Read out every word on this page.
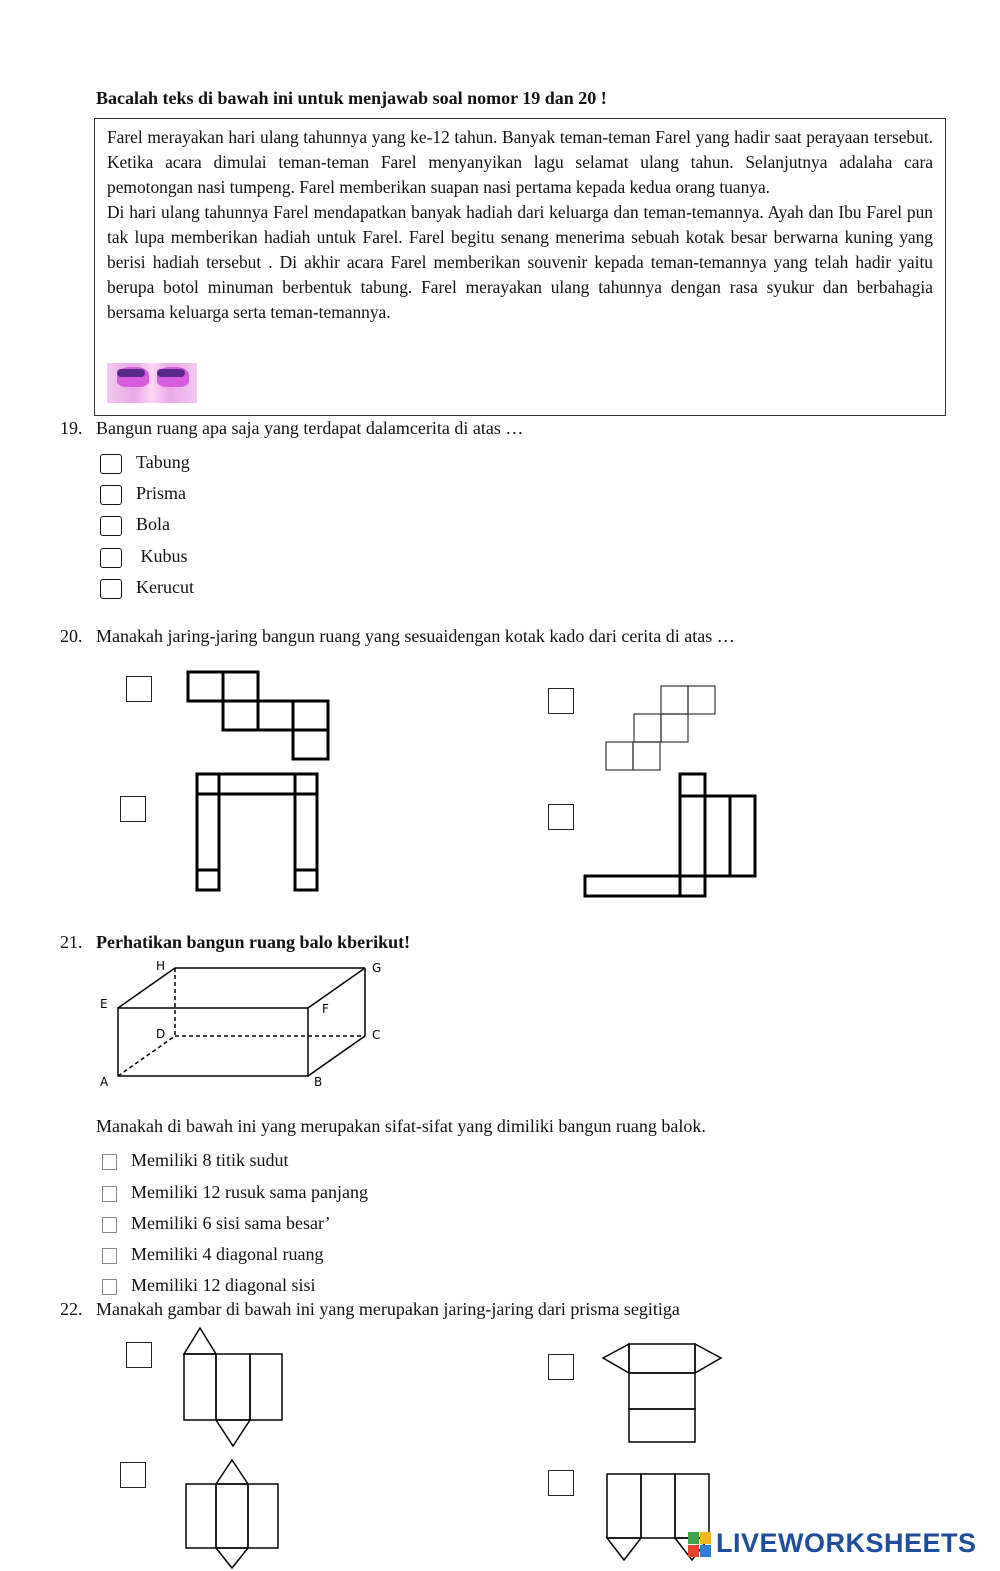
Bacalah teks di bawah ini untuk menjawab soal nomor 19 dan 20 !

Farel merayakan hari ulang tahunnya yang ke-12 tahun. Banyak teman-teman Farel yang hadir saat perayaan tersebut. Ketika acara dimulai teman-teman Farel menyanyikan lagu selamat ulang tahun. Selanjutnya adalaha cara pemotongan nasi tumpeng. Farel memberikan suapan nasi pertama kepada kedua orang tuanya.

Di hari ulang tahunnya Farel mendapatkan banyak hadiah dari keluarga dan teman-temannya. Ayah dan Ibu Farel pun tak lupa memberikan hadiah untuk Farel. Farel begitu senang menerima sebuah kotak besar berwarna kuning yang berisi hadiah tersebut . Di akhir acara Farel memberikan souvenir kepada teman-temannya yang telah hadir yaitu berupa botol minuman berbentuk tabung. Farel merayakan ulang tahunnya dengan rasa syukur dan berbahagia bersama keluarga serta teman-temannya.

19. Bangun ruang apa saja yang terdapat dalamcerita di atas …
Tabung
Prisma
Bola
Kubus
Kerucut
20. Manakah jaring-jaring bangun ruang yang sesuaidengan kotak kado dari cerita di atas …
21. Perhatikan bangun ruang balo kberikut!
H	G
E	F
D	C
A	B
Manakah di bawah ini yang merupakan sifat-sifat yang dimiliki bangun ruang balok.
Memiliki 8 titik sudut
Memiliki 12 rusuk sama panjang
Memiliki 6 sisi sama besar’
Memiliki 4 diagonal ruang
Memiliki 12 diagonal sisi
22. Manakah gambar di bawah ini yang merupakan jaring-jaring dari prisma segitiga
LIVEWORKSHEETS
